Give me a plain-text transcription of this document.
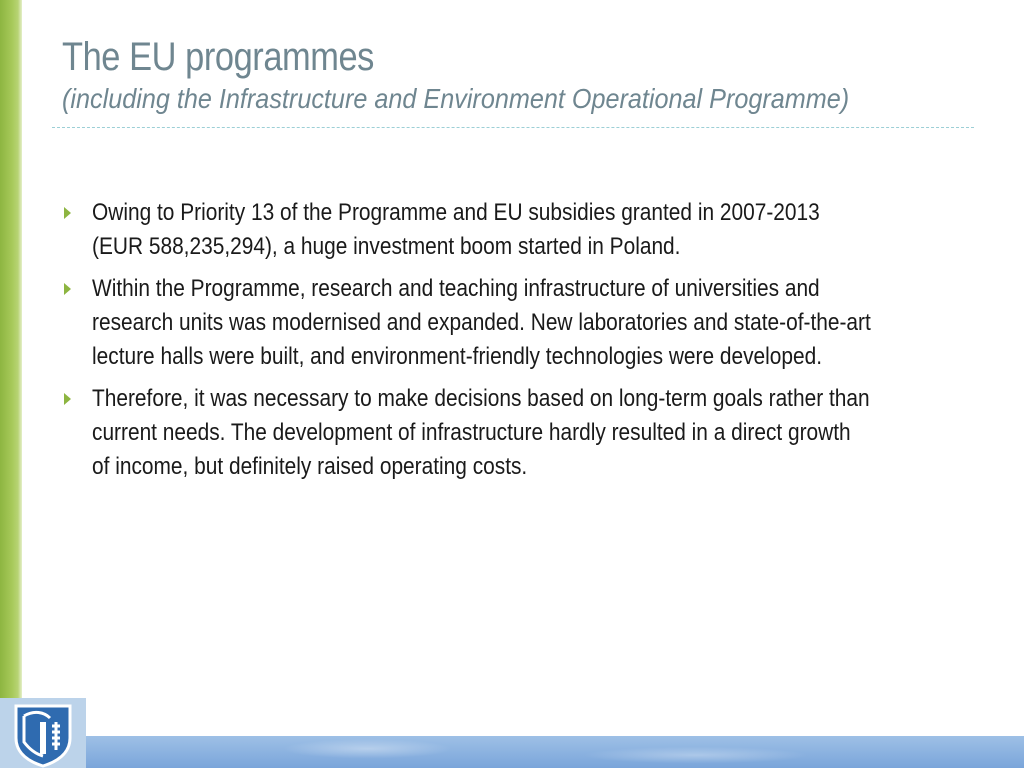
The EU programmes
(including the Infrastructure and Environment Operational Programme)
Owing to Priority 13 of the Programme and EU subsidies granted in 2007-2013
(EUR 588,235,294), a huge investment boom started in Poland.
Within the Programme, research and teaching infrastructure of universities and
research units was modernised and expanded. New laboratories and state-of-the-art
lecture halls were built, and environment-friendly technologies were developed.
Therefore, it was necessary to make decisions based on long-term goals rather than
current needs. The development of infrastructure hardly resulted in a direct growth
of income, but definitely raised operating costs.
